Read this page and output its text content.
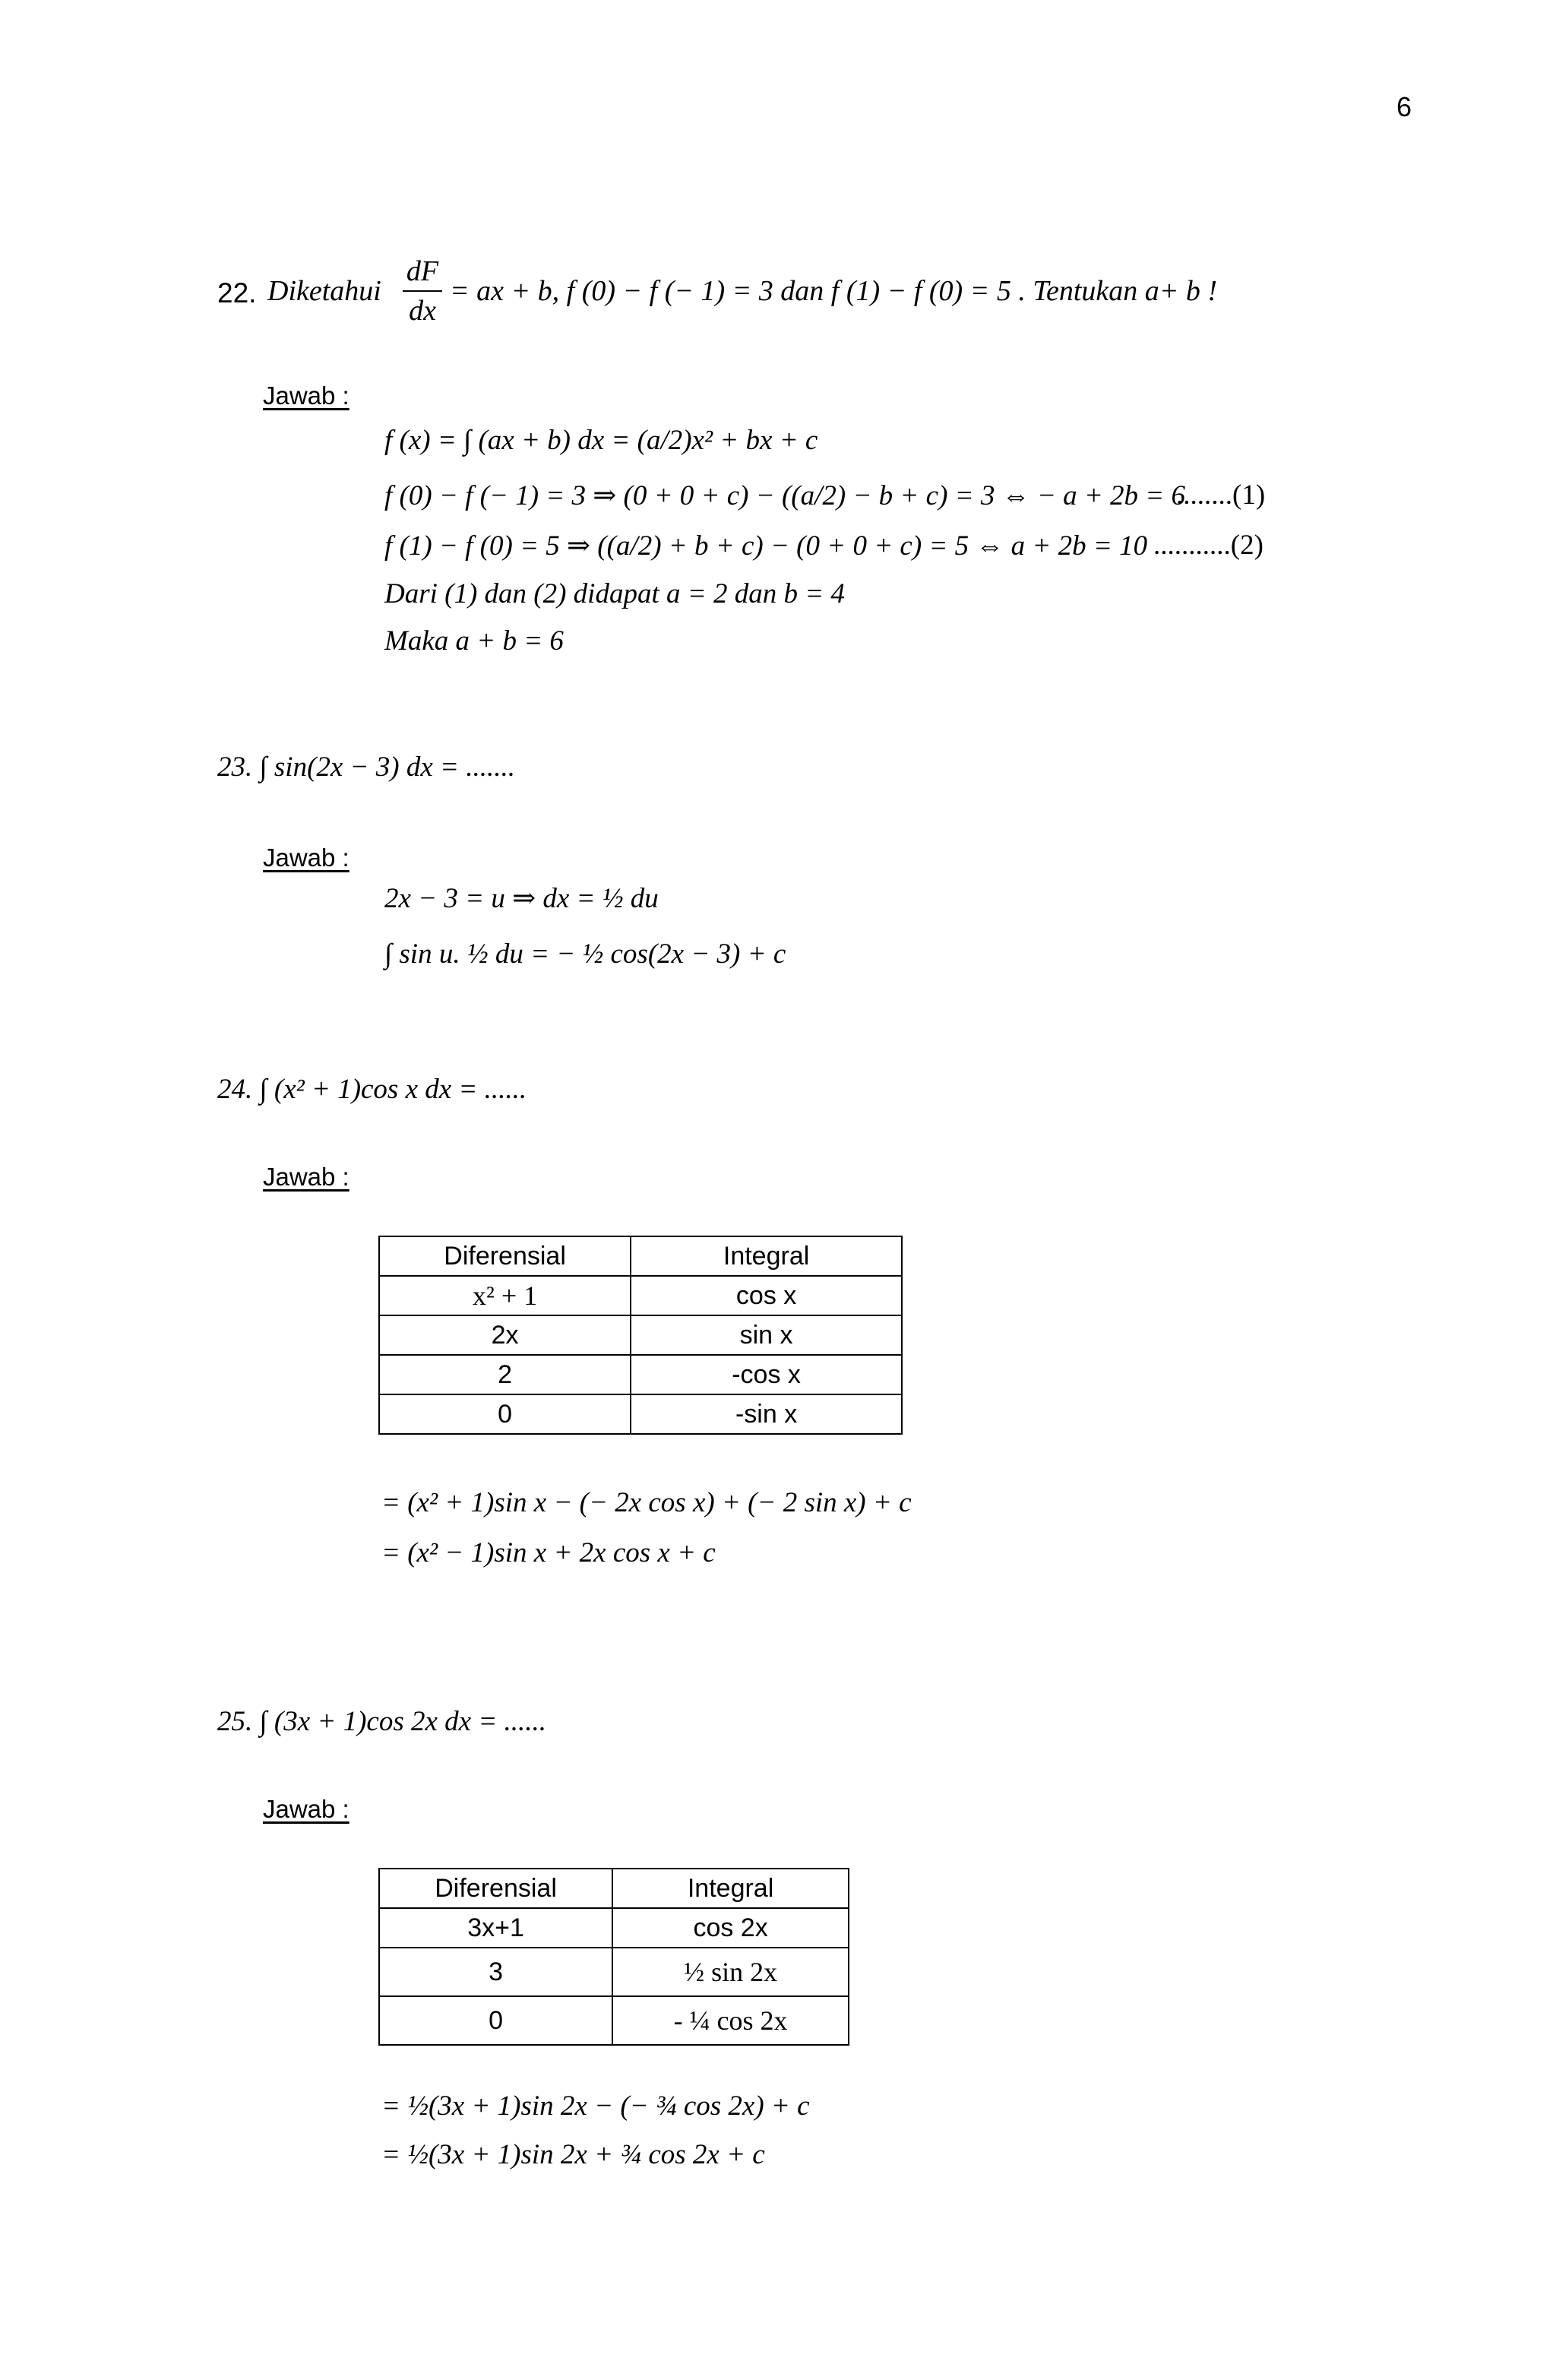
6
22. Diketahui
dF
dx
= ax + b, f (0) − f (− 1) = 3 dan f (1) − f (0) = 5 . Tentukan a+ b !
Jawab :
f (x) = ∫ (ax + b) dx = (a/2)x² + bx + c
f (0) − f (− 1) = 3 ⇒ (0 + 0 + c) − ((a/2) − b + c) = 3 ⇔ − a + 2b = 6
........(1)
f (1) − f (0) = 5 ⇒ ((a/2) + b + c) − (0 + 0 + c) = 5 ⇔ a + 2b = 10 ...........(2)
Dari (1) dan (2) didapat a = 2 dan b = 4
Maka a + b = 6
23. ∫ sin(2x − 3) dx = .......
Jawab :
2x − 3 = u ⇒ dx = ½ du
∫ sin u. ½ du = − ½ cos(2x − 3) + c
24. ∫ (x² + 1)cos x dx = ......
Jawab :
Diferensial	Integral
x² + 1	cos x
2x	sin x
2	-cos x
0	-sin x
= (x² + 1)sin x − (− 2x cos x) + (− 2 sin x) + c
= (x² − 1)sin x + 2x cos x + c
25. ∫ (3x + 1)cos 2x dx = ......
Jawab :
Diferensial	Integral
3x+1	cos 2x
3	½ sin 2x
0	- ¼ cos 2x
= ½(3x + 1)sin 2x − (− ¾ cos 2x) + c
= ½(3x + 1)sin 2x + ¾ cos 2x + c
